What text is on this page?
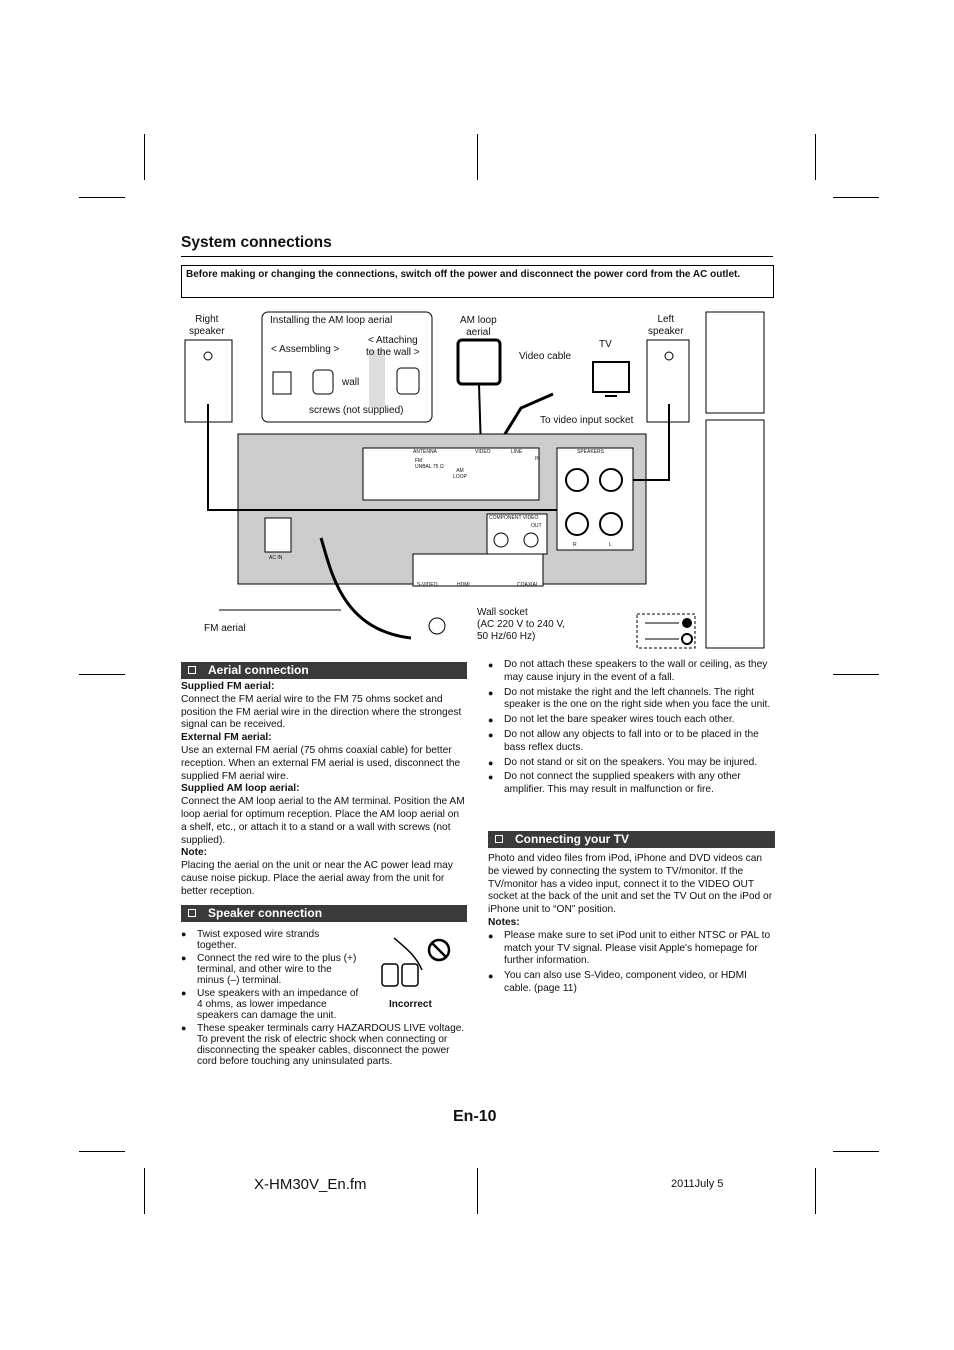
System connections
Before making or changing the connections, switch off the power and disconnect the power cord from the AC outlet.
Right
speaker
Left
speaker
Installing the AM loop aerial
< Assembling >
< Attaching
to the wall >
wall
screws (not supplied)
AM loop
aerial
Video cable
TV
To video input socket
ANTENNA
FM
UNBAL 75 Ω
AM
LOOP
VIDEO	LINE
IN
SPEAKERS
COMPONENT VIDEO
OUT
R	L
S-VIDEO	HDMI	COAXIAL
AC IN
FM aerial
Wall socket
(AC 220 V to 240 V,
50 Hz/60 Hz)
Aerial connection

Supplied FM aerial:

Connect the FM aerial wire to the FM 75 ohms socket and position the FM aerial wire in the direction where the strongest signal can be received.

External FM aerial:

Use an external FM aerial (75 ohms coaxial cable) for better reception. When an external FM aerial is used, disconnect the supplied FM aerial wire.

Supplied AM loop aerial:

Connect the AM loop aerial to the AM terminal. Position the AM loop aerial for optimum reception. Place the AM loop aerial on a shelf, etc., or attach it to a stand or a wall with screws (not supplied).

Note:

Placing the aerial on the unit or near the AC power lead may cause noise pickup. Place the aerial away from the unit for better reception.

Speaker connection
● Twist exposed wire strands together.
● Connect the red wire to the plus (+) terminal, and other wire to the minus (–) terminal.
● Use speakers with an impedance of 4 ohms, as lower impedance speakers can damage the unit.
● These speaker terminals carry HAZARDOUS LIVE voltage. To prevent the risk of electric shock when connecting or disconnecting the speaker cables, disconnect the power cord before touching any uninsulated parts.
Incorrect
● Do not attach these speakers to the wall or ceiling, as they may cause injury in the event of a fall.
● Do not mistake the right and the left channels. The right speaker is the one on the right side when you face the unit.
● Do not let the bare speaker wires touch each other.
● Do not allow any objects to fall into or to be placed in the bass reflex ducts.
● Do not stand or sit on the speakers. You may be injured.
● Do not connect the supplied speakers with any other amplifier. This may result in malfunction or fire.
Connecting your TV

Photo and video files from iPod, iPhone and DVD videos can be viewed by connecting the system to TV/monitor. If the TV/monitor has a video input, connect it to the VIDEO OUT socket at the back of the unit and set the TV Out on the iPod or iPhone unit to “ON” position.

Notes:

● Please make sure to set iPod unit to either NTSC or PAL to match your TV signal. Please visit Apple's homepage for further information.
● You can also use S-Video, component video, or HDMI cable. (page 11)
En-10
X-HM30V_En.fm	2011July 5
